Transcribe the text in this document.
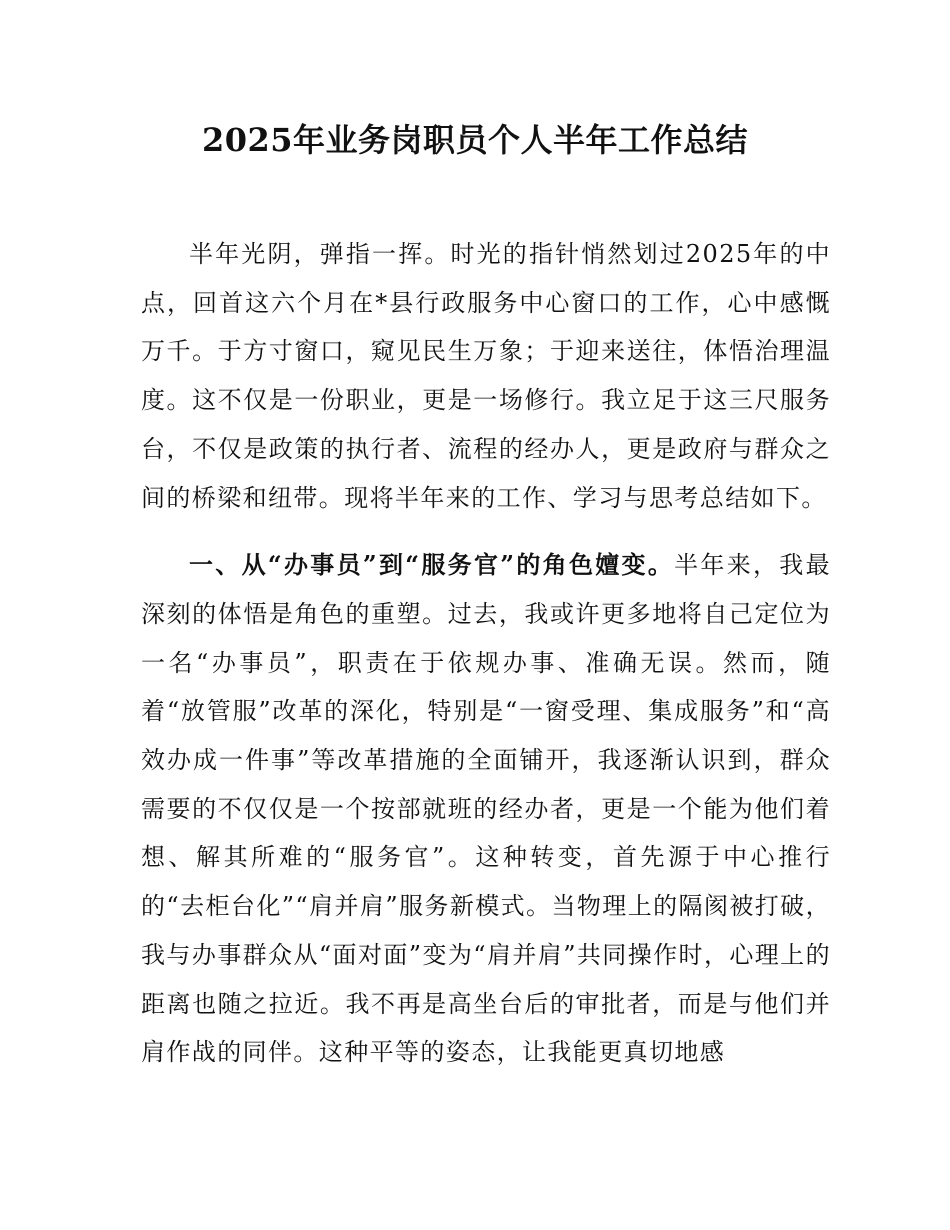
2025年业务岗职员个人半年工作总结

半年光阴，弹指一挥。时光的指针悄然划过2025年的中点，回首这六个月在*县行政服务中心窗口的工作，心中感慨万千。于方寸窗口，窥见民生万象；于迎来送往，体悟治理温度。这不仅是一份职业，更是一场修行。我立足于这三尺服务台，不仅是政策的执行者、流程的经办人，更是政府与群众之间的桥梁和纽带。现将半年来的工作、学习与思考总结如下。

一、从“办事员”到“服务官”的角色嬗变。半年来，我最深刻的体悟是角色的重塑。过去，我或许更多地将自己定位为一名“办事员”，职责在于依规办事、准确无误。然而，随着“放管服”改革的深化，特别是“一窗受理、集成服务”和“高效办成一件事”等改革措施的全面铺开，我逐渐认识到，群众需要的不仅仅是一个按部就班的经办者，更是一个能为他们着想、解其所难的“服务官”。这种转变，首先源于中心推行的“去柜台化”“肩并肩”服务新模式。当物理上的隔阂被打破，我与办事群众从“面对面”变为“肩并肩”共同操作时，心理上的距离也随之拉近。我不再是高坐台后的审批者，而是与他们并肩作战的同伴。这种平等的姿态，让我能更真切地感
